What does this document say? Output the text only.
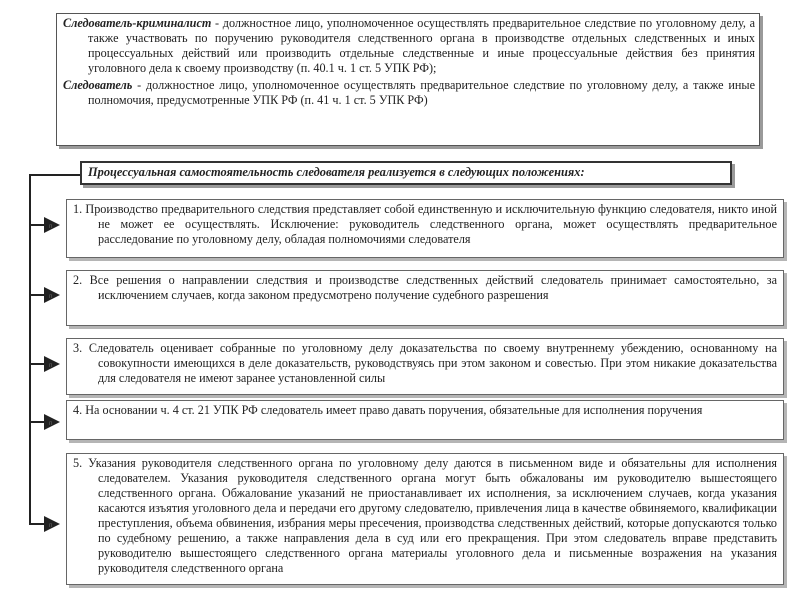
п
п
п
п
п

Следователь-криминалист - должностное лицо, уполномоченное осуществлять предварительное следствие по уголовному делу, а также участвовать по поручению руководителя следственного органа в производстве отдельных следственных и иных процессуальных действий или производить отдельные следственные и иные процессуальные действия без принятия уголовного дела к своему производству (п. 40.1 ч. 1 ст. 5 УПК РФ);

Следователь - должностное лицо, уполномоченное осуществлять предварительное следствие по уголовному делу, а также иные полномочия, предусмотренные УПК РФ (п. 41 ч. 1 ст. 5 УПК РФ)

Процессуальная самостоятельность следователя реализуется в следующих положениях:

1. Производство предварительного следствия представляет собой единственную и исключительную функцию следователя, никто иной не может ее осуществлять. Исключение: руководитель следственного органа, может осуществлять предварительное расследование по уголовному делу, обладая полномочиями следователя

2. Все решения о направлении следствия и производстве следственных действий следователь принимает самостоятельно, за исключением случаев, когда законом предусмотрено получение судебного разрешения

3. Следователь оценивает собранные по уголовному делу доказательства по своему внутреннему убеждению, основанному на совокупности имеющихся в деле доказательств, руководствуясь при этом законом и совестью. При этом никакие доказательства для следователя не имеют заранее установленной силы

4. На основании ч. 4 ст. 21 УПК РФ следователь имеет право давать поручения, обязательные для исполнения поручения

5. Указания руководителя следственного органа по уголовному делу даются в письменном виде и обязательны для исполнения следователем. Указания руководителя следственного органа могут быть обжалованы им руководителю вышестоящего следственного органа. Обжалование указаний не приостанавливает их исполнения, за исключением случаев, когда указания касаются изъятия уголовного дела и передачи его другому следователю, привлечения лица в качестве обвиняемого, квалификации преступления, объема обвинения, избрания меры пресечения, производства следственных действий, которые допускаются только по судебному решению, а также направления дела в суд или его прекращения. При этом следователь вправе представить руководителю вышестоящего следственного органа материалы уголовного дела и письменные возражения на указания руководителя следственного органа
